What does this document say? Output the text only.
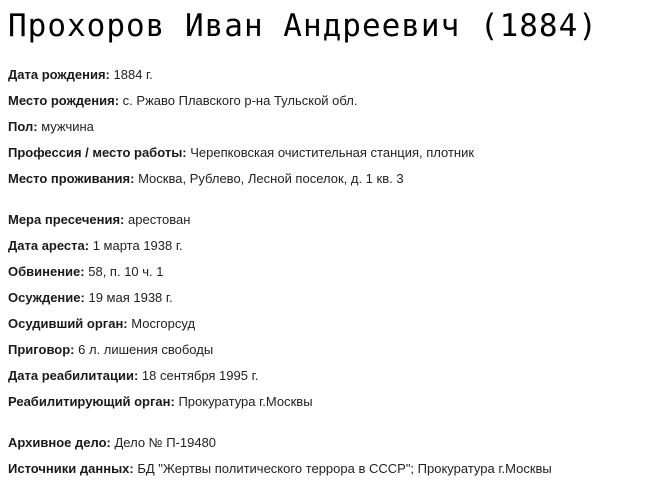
Прохоров Иван Андреевич (1884)
Дата рождения: 1884 г.
Место рождения: с. Ржаво Плавского р-на Тульской обл.
Пол: мужчина
Профессия / место работы: Черепковская очистительная станция, плотник
Место проживания: Москва, Рублево, Лесной поселок, д. 1 кв. 3
Мера пресечения: арестован
Дата ареста: 1 марта 1938 г.
Обвинение: 58, п. 10 ч. 1
Осуждение: 19 мая 1938 г.
Осудивший орган: Мосгорсуд
Приговор: 6 л. лишения свободы
Дата реабилитации: 18 сентября 1995 г.
Реабилитирующий орган: Прокуратура г.Москвы
Архивное дело: Дело № П-19480
Источники данных: БД "Жертвы политического террора в СССР"; Прокуратура г.Москвы
